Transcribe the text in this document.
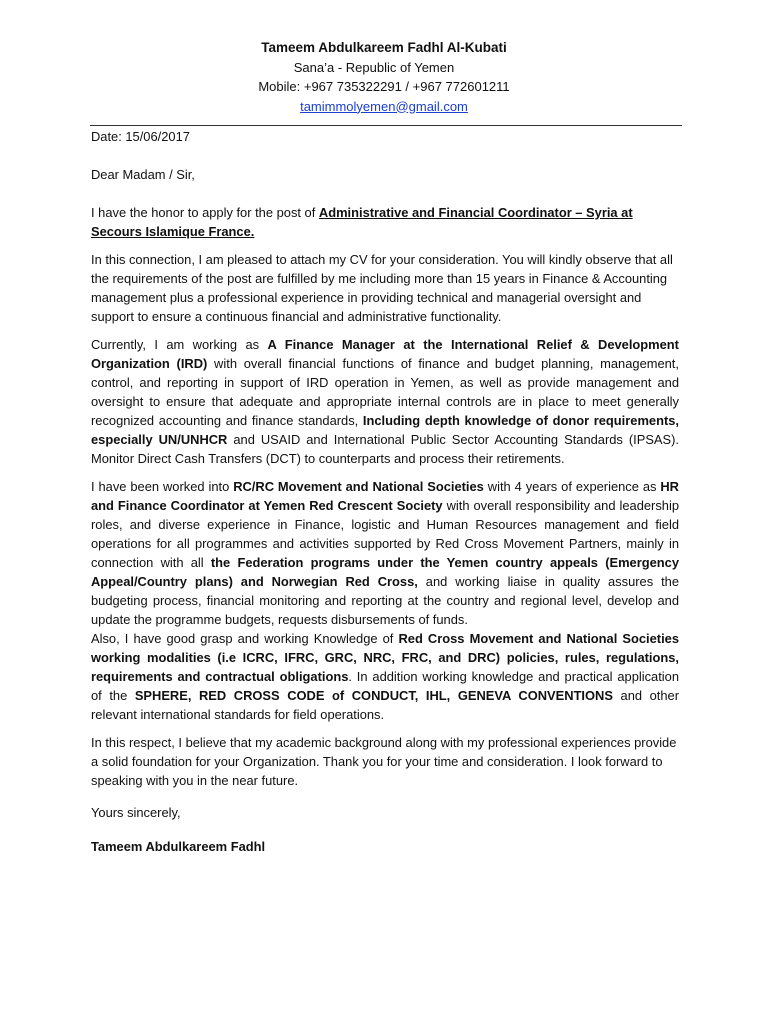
Tameem Abdulkareem Fadhl Al-Kubati
Sana’a - Republic of Yemen
Mobile: +967 735322291 / +967 772601211
tamimmolyemen@gmail.com

Date: 15/06/2017

Dear Madam / Sir,

I have the honor to apply for the post of Administrative and Financial Coordinator – Syria at Secours Islamique France.

In this connection, I am pleased to attach my CV for your consideration. You will kindly observe that all the requirements of the post are fulfilled by me including more than 15 years in Finance & Accounting management plus a professional experience in providing technical and managerial oversight and support to ensure a continuous financial and administrative functionality.

Currently, I am working as A Finance Manager at the International Relief & Development Organization (IRD) with overall financial functions of finance and budget planning, management, control, and reporting in support of IRD operation in Yemen, as well as provide management and oversight to ensure that adequate and appropriate internal controls are in place to meet generally recognized accounting and finance standards, Including depth knowledge of donor requirements, especially UN/UNHCR and USAID and International Public Sector Accounting Standards (IPSAS). Monitor Direct Cash Transfers (DCT) to counterparts and process their retirements.

I have been worked into RC/RC Movement and National Societies with 4 years of experience as HR and Finance Coordinator at Yemen Red Crescent Society with overall responsibility and leadership roles, and diverse experience in Finance, logistic and Human Resources management and field operations for all programmes and activities supported by Red Cross Movement Partners, mainly in connection with all the Federation programs under the Yemen country appeals (Emergency Appeal/Country plans) and Norwegian Red Cross, and working liaise in quality assures the budgeting process, financial monitoring and reporting at the country and regional level, develop and update the programme budgets, requests disbursements of funds.

Also, I have good grasp and working Knowledge of Red Cross Movement and National Societies working modalities (i.e ICRC, IFRC, GRC, NRC, FRC, and DRC) policies, rules, regulations, requirements and contractual obligations. In addition working knowledge and practical application of the SPHERE, RED CROSS CODE of CONDUCT, IHL, GENEVA CONVENTIONS and other relevant international standards for field operations.

In this respect, I believe that my academic background along with my professional experiences provide a solid foundation for your Organization. Thank you for your time and consideration. I look forward to speaking with you in the near future.

Yours sincerely,

Tameem Abdulkareem Fadhl
